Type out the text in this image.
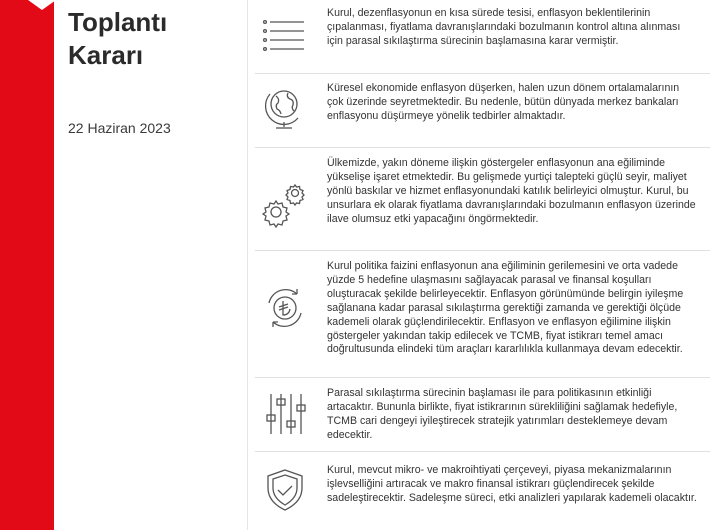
Toplantı
Kararı
22 Haziran 2023
Kurul, dezenflasyonun en kısa sürede tesisi, enflasyon beklentilerinin çıpalanması, fiyatlama davranışlarındaki bozulmanın kontrol altına alınması için parasal sıkılaştırma sürecinin başlamasına karar vermiştir.
Küresel ekonomide enflasyon düşerken, halen uzun dönem ortalamalarının çok üzerinde seyretmektedir. Bu nedenle, bütün dünyada merkez bankaları enflasyonu düşürmeye yönelik tedbirler almaktadır.
Ülkemizde, yakın döneme ilişkin göstergeler enflasyonun ana eğiliminde yükselişe işaret etmektedir. Bu gelişmede yurtiçi talepteki güçlü seyir, maliyet yönlü baskılar ve hizmet enflasyonundaki katılık belirleyici olmuştur. Kurul, bu unsurlara ek olarak fiyatlama davranışlarındaki bozulmanın enflasyon üzerinde ilave olumsuz etki yapacağını öngörmektedir.
Kurul politika faizini enflasyonun ana eğiliminin gerilemesini ve orta vadede yüzde 5 hedefine ulaşmasını sağlayacak parasal ve finansal koşulları oluşturacak şekilde belirleyecektir. Enflasyon görünümünde belirgin iyileşme sağlanana kadar parasal sıkılaştırma gerektiği zamanda ve gerektiği ölçüde kademeli olarak güçlendirilecektir. Enflasyon ve enflasyon eğilimine ilişkin göstergeler yakından takip edilecek ve TCMB, fiyat istikrarı temel amacı doğrultusunda elindeki tüm araçları kararlılıkla kullanmaya devam edecektir.
Parasal sıkılaştırma sürecinin başlaması ile para politikasının etkinliği artacaktır. Bununla birlikte, fiyat istikrarının sürekliliğini sağlamak hedefiyle, TCMB cari dengeyi iyileştirecek stratejik yatırımları desteklemeye devam edecektir.
Kurul, mevcut mikro- ve makroihtiyati çerçeveyi, piyasa mekanizmalarının işlevselliğini artıracak ve makro finansal istikrarı güçlendirecek şekilde sadeleştirecektir. Sadeleşme süreci, etki analizleri yapılarak kademeli olacaktır.
